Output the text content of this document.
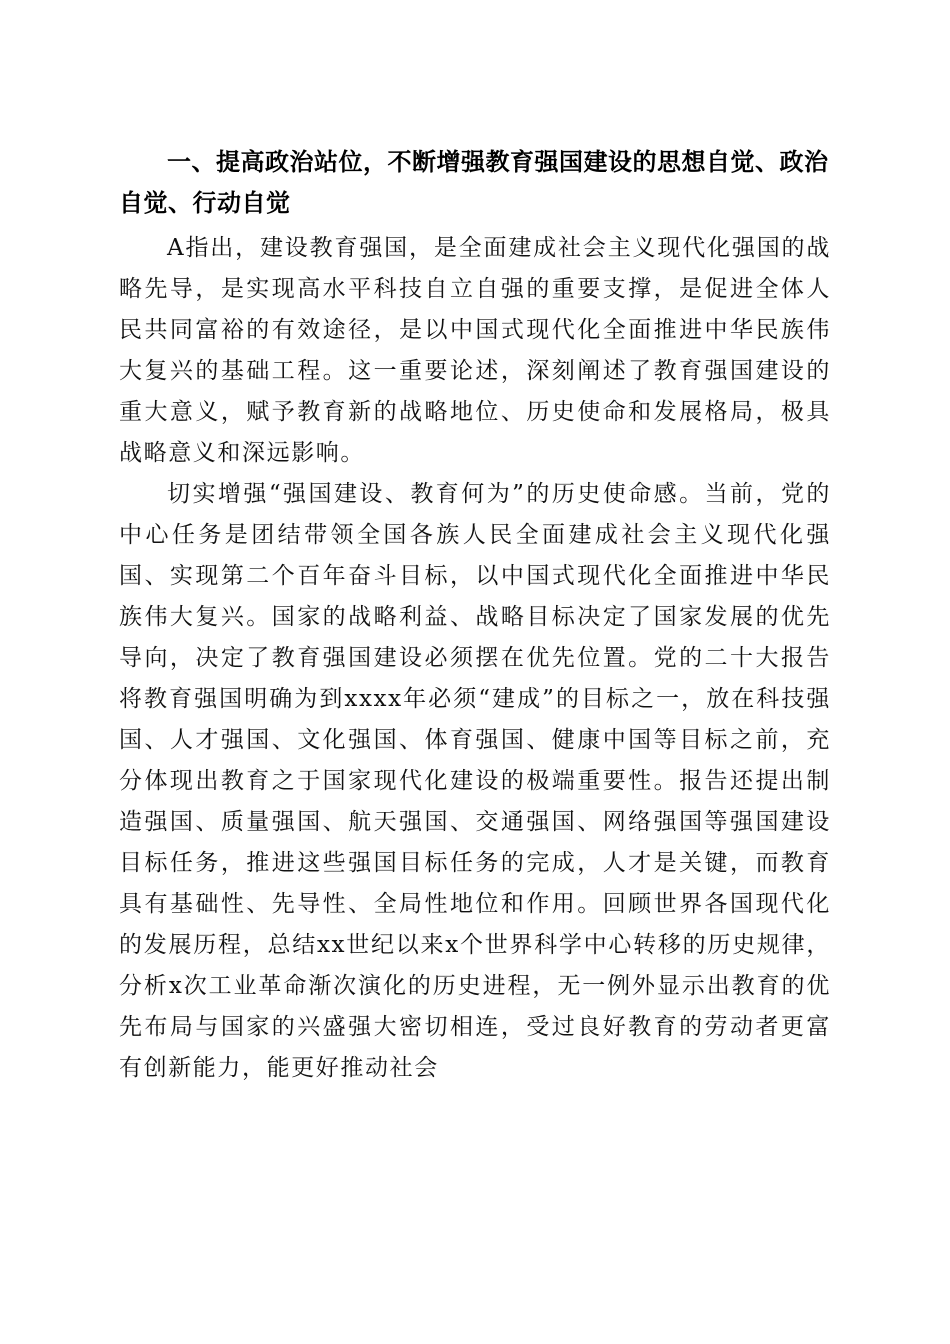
一、提高政治站位，不断增强教育强国建设的思想自觉、政治自觉、行动自觉

A指出，建设教育强国，是全面建成社会主义现代化强国的战略先导，是实现高水平科技自立自强的重要支撑，是促进全体人民共同富裕的有效途径，是以中国式现代化全面推进中华民族伟大复兴的基础工程。这一重要论述，深刻阐述了教育强国建设的重大意义，赋予教育新的战略地位、历史使命和发展格局，极具战略意义和深远影响。

切实增强“强国建设、教育何为”的历史使命感。当前，党的中心任务是团结带领全国各族人民全面建成社会主义现代化强国、实现第二个百年奋斗目标，以中国式现代化全面推进中华民族伟大复兴。国家的战略利益、战略目标决定了国家发展的优先导向，决定了教育强国建设必须摆在优先位置。党的二十大报告将教育强国明确为到xxxx年必须“建成”的目标之一，放在科技强国、人才强国、文化强国、体育强国、健康中国等目标之前，充分体现出教育之于国家现代化建设的极端重要性。报告还提出制造强国、质量强国、航天强国、交通强国、网络强国等强国建设目标任务，推进这些强国目标任务的完成，人才是关键，而教育具有基础性、先导性、全局性地位和作用。回顾世界各国现代化的发展历程，总结xx世纪以来x个世界科学中心转移的历史规律，分析x次工业革命渐次演化的历史进程，无一例外显示出教育的优先布局与国家的兴盛强大密切相连，受过良好教育的劳动者更富有创新能力，能更好推动社会
